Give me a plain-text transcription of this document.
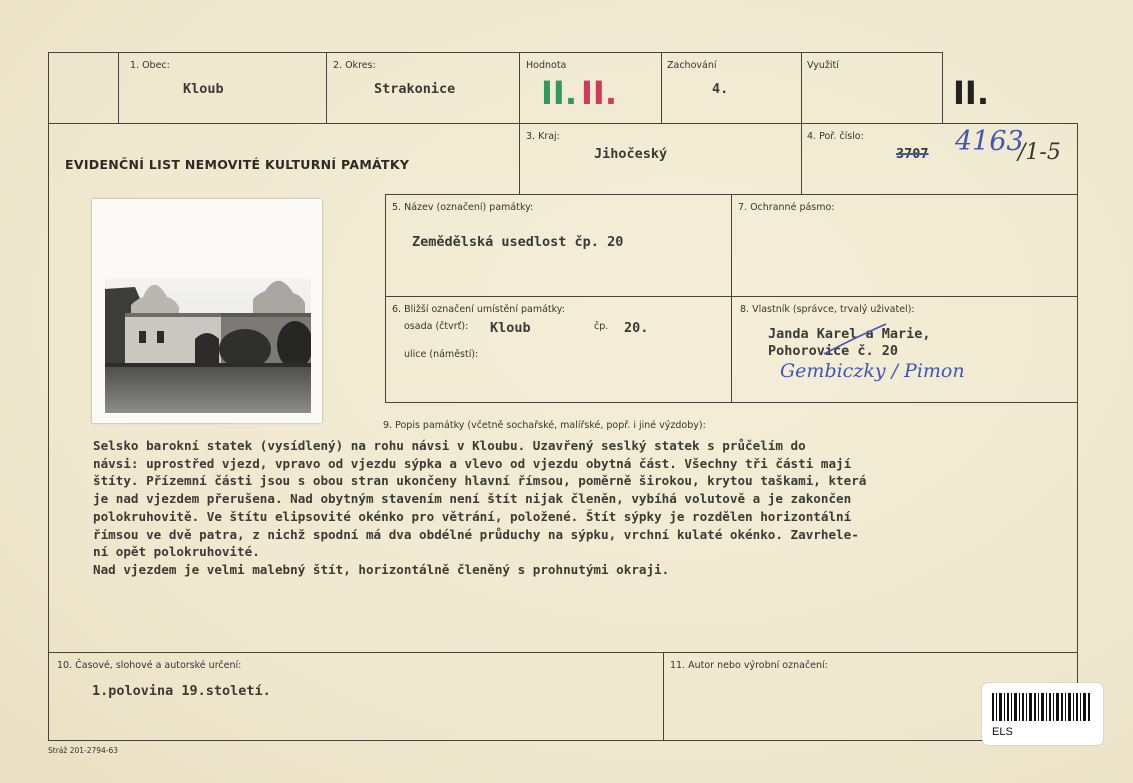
1. Obec:
Kloub
2. Okres:
Strakonice
Hodnota
II. II.
Zachování
4.
Využití
II.
EVIDENČNÍ LIST NEMOVITÉ KULTURNÍ PAMÁTKY
3. Kraj:
Jihočeský
4. Poř. číslo:
3707 4163
/1-5
5. Název (označení) památky:
Zemědělská usedlost čp. 20
7. Ochranné pásmo:
6. Bližší označení umístění památky:
osada (čtvrť): Kloub	čp. 20.
ulice (náměstí):
8. Vlastník (správce, trvalý uživatel):
Janda Karel a Marie,
Pohorovice č. 20
Gembiczky / Pimon
9. Popis památky (včetně sochařské, malířské, popř. i jiné výzdoby):
Selsko barokní statek (vysídlený) na rohu návsi v Kloubu. Uzavřený seslký statek s průčelím do
návsi: uprostřed vjezd, vpravo od vjezdu sýpka a vlevo od vjezdu obytná část. Všechny tři části mají
štíty. Přízemní části jsou s obou stran ukončeny hlavní římsou, poměrně širokou, krytou taškami, která
je nad vjezdem přerušena. Nad obytným stavením není štít nijak členěn, vybíhá volutově a je zakončen
polokruhovitě. Ve štítu elipsovité okénko pro větrání, položené. Štít sýpky je rozdělen horizontální
římsou ve dvě patra, z nichž spodní má dva obdélné průduchy na sýpku, vrchní kulaté okénko. Zavrhele-
ní opět polokruhovité.
Nad vjezdem je velmi malebný štít, horizontálně členěný s prohnutými okraji.
10. Časové, slohové a autorské určení:
1.polovina 19.století.
11. Autor nebo výrobní označení:
Stráž 201-2794-63
ELS
